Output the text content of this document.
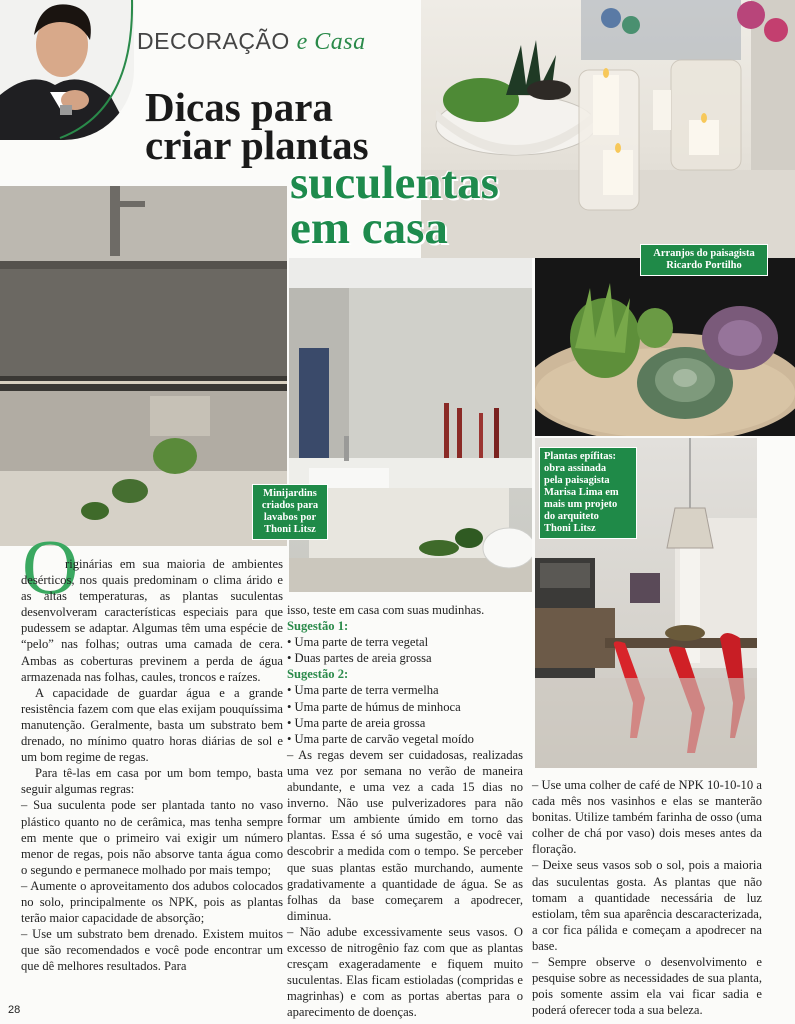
DECORAÇÃO e Casa
Dicas para
criar plantas
suculentas
em casa	Arranjos do paisagista
Ricardo Portilho
Minijardins
criados para
lavabos por
Thoni Litsz
Plantas epífitas:
obra assinada
pela paisagista
Marisa Lima em
mais um projeto
do arquiteto
Thoni Litsz
O

riginárias em sua maioria de ambientes desérticos, nos quais predominam o clima árido e as altas temperaturas, as plantas suculentas desenvolveram características especiais para que pudessem se adaptar. Algumas têm uma espécie de “pelo” nas folhas; outras uma camada de cera. Ambas as coberturas previnem a perda de água armazenada nas folhas, caules, troncos e raízes.

A capacidade de guardar água e a grande resistência fazem com que elas exijam pouquíssima manutenção. Geralmente, basta um substrato bem drenado, no mínimo quatro horas diárias de sol e um bom regime de regas.

Para tê-las em casa por um bom tempo, basta seguir algumas regras:

– Sua suculenta pode ser plantada tanto no vaso plástico quanto no de cerâmica, mas tenha sempre em mente que o primeiro vai exigir um número menor de regas, pois não absorve tanta água como o segundo e permanece molhado por mais tempo;

– Aumente o aproveitamento dos adubos colocados no solo, principalmente os NPK, pois as plantas terão maior capacidade de absorção;

– Use um substrato bem drenado. Existem muitos que são recomendados e você pode encontrar um que dê melhores resultados. Para

isso, teste em casa com suas mudinhas.

Sugestão 1:

• Uma parte de terra vegetal

• Duas partes de areia grossa

Sugestão 2:

• Uma parte de terra vermelha

• Uma parte de húmus de minhoca

• Uma parte de areia grossa

• Uma parte de carvão vegetal moído

– As regas devem ser cuidadosas, realizadas uma vez por semana no verão de maneira abundante, e uma vez a cada 15 dias no inverno. Não use pulverizadores para não formar um ambiente úmido em torno das plantas. Essa é só uma sugestão, e você vai descobrir a medida com o tempo. Se perceber que suas plantas estão murchando, aumente gradativamente a quantidade de água. Se as folhas da base começarem a apodrecer, diminua.

– Não adube excessivamente seus vasos. O excesso de nitrogênio faz com que as plantas cresçam exageradamente e fiquem muito suculentas. Elas ficam estioladas (compridas e magrinhas) e com as portas abertas para o aparecimento de doenças.

– Use uma colher de café de NPK 10-10-10 a cada mês nos vasinhos e elas se manterão bonitas. Utilize também farinha de osso (uma colher de chá por vaso) dois meses antes da floração.

– Deixe seus vasos sob o sol, pois a maioria das suculentas gosta. As plantas que não tomam a quantidade necessária de luz estiolam, têm sua aparência descaracterizada, a cor fica pálida e começam a apodrecer na base.

– Sempre observe o desenvolvimento e pesquise sobre as necessidades de sua planta, pois somente assim ela vai ficar sadia e poderá oferecer toda a sua beleza.

28
